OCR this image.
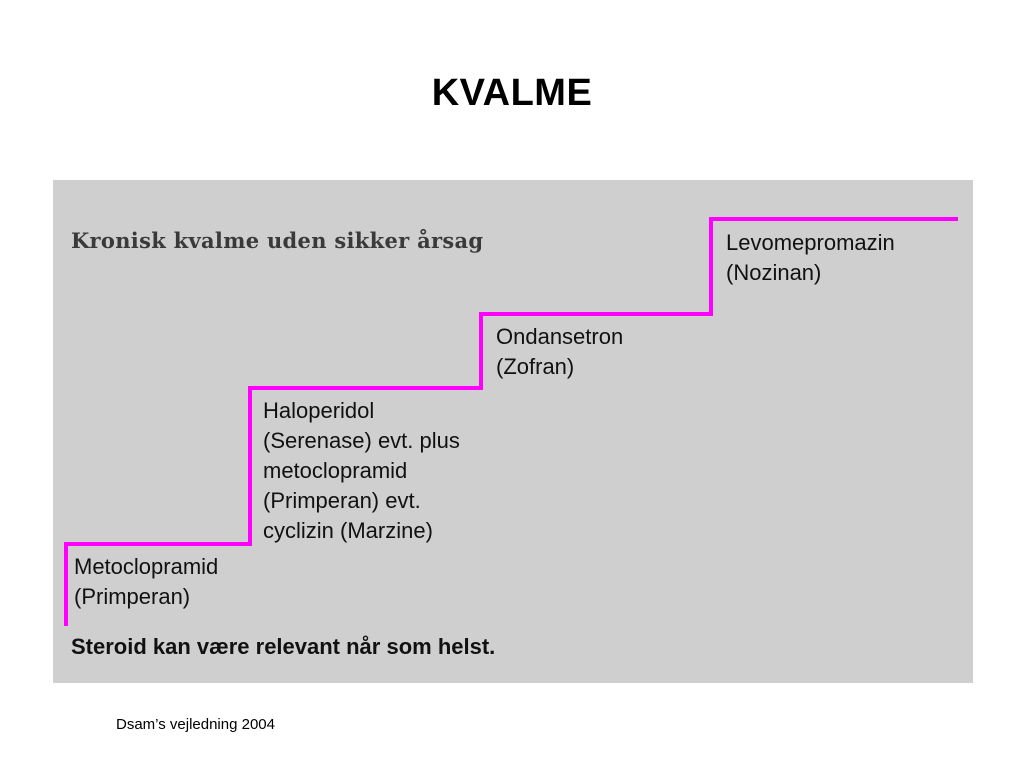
KVALME
Kronisk kvalme uden sikker årsag
Metoclopramid
(Primperan)
Haloperidol
(Serenase) evt. plus
metoclopramid
(Primperan) evt.
cyclizin (Marzine)
Ondansetron
(Zofran)
Levomepromazin
(Nozinan)
Steroid kan være relevant når som helst.
Dsam’s vejledning 2004
